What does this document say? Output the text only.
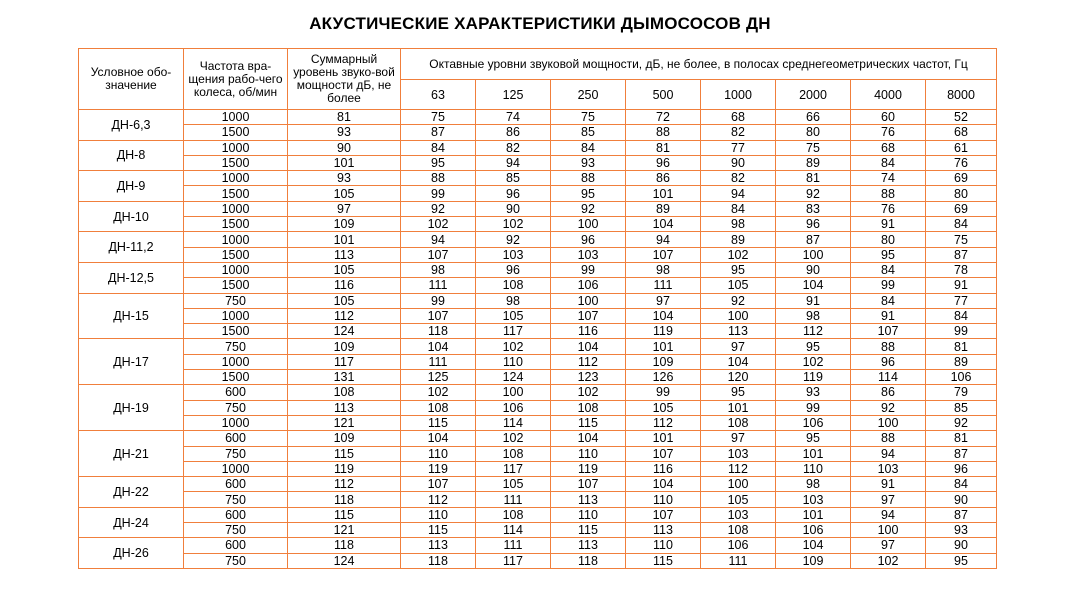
АКУСТИЧЕСКИЕ ХАРАКТЕРИСТИКИ ДЫМОСОСОВ ДН
Условное обо-значение	Частота вра-щения рабо-чего колеса, об/мин	Суммарный уровень звуко-вой мощности дБ, не более	Октавные уровни звуковой мощности, дБ, не более, в полосах среднегеометрических частот, Гц							
			63	125	250	500	1000	2000	4000	8000
ДН-6,3	1000	81	75	74	75	72	68	66	60	52
	1500	93	87	86	85	88	82	80	76	68
ДН-8	1000	90	84	82	84	81	77	75	68	61
	1500	101	95	94	93	96	90	89	84	76
ДН-9	1000	93	88	85	88	86	82	81	74	69
	1500	105	99	96	95	101	94	92	88	80
ДН-10	1000	97	92	90	92	89	84	83	76	69
	1500	109	102	102	100	104	98	96	91	84
ДН-11,2	1000	101	94	92	96	94	89	87	80	75
	1500	113	107	103	103	107	102	100	95	87
ДН-12,5	1000	105	98	96	99	98	95	90	84	78
	1500	116	111	108	106	111	105	104	99	91
ДН-15	750	105	99	98	100	97	92	91	84	77
	1000	112	107	105	107	104	100	98	91	84
	1500	124	118	117	116	119	113	112	107	99
ДН-17	750	109	104	102	104	101	97	95	88	81
	1000	117	111	110	112	109	104	102	96	89
	1500	131	125	124	123	126	120	119	114	106
ДН-19	600	108	102	100	102	99	95	93	86	79
	750	113	108	106	108	105	101	99	92	85
	1000	121	115	114	115	112	108	106	100	92
ДН-21	600	109	104	102	104	101	97	95	88	81
	750	115	110	108	110	107	103	101	94	87
	1000	119	119	117	119	116	112	110	103	96
ДН-22	600	112	107	105	107	104	100	98	91	84
	750	118	112	111	113	110	105	103	97	90
ДН-24	600	115	110	108	110	107	103	101	94	87
	750	121	115	114	115	113	108	106	100	93
ДН-26	600	118	113	111	113	110	106	104	97	90
	750	124	118	117	118	115	111	109	102	95
